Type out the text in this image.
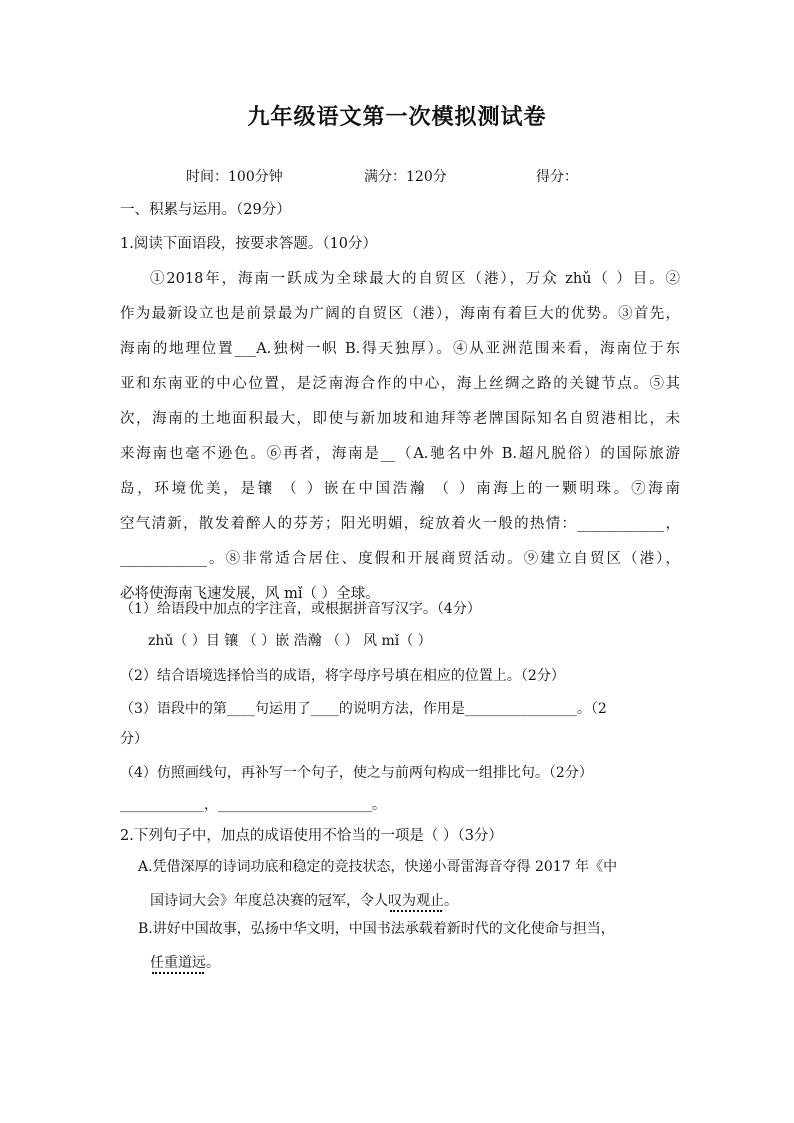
九年级语文第一次模拟测试卷
时间：100分钟	满分：120分	得分：
一、积累与运用。（29分）
1.阅读下面语段，按要求答题。（10分）

①2018年，海南一跃成为全球最大的自贸区（港），万众 zhǔ（ ）目。②

作为最新设立也是前景最为广阔的自贸区（港），海南有着巨大的优势。③首先，

海南的地理位置___A.独树一帜 B.得天独厚）。④从亚洲范围来看，海南位于东

亚和东南亚的中心位置，是泛南海合作的中心，海上丝绸之路的关键节点。⑤其

次，海南的土地面积最大，即使与新加坡和迪拜等老牌国际知名自贸港相比，未

来海南也毫不逊色。⑥再者，海南是__（A.驰名中外 B.超凡脱俗）的国际旅游

岛，环境优美，是镶 （ ）嵌在中国浩瀚 （ ）南海上的一颗明珠。⑦海南

空气清新，散发着醉人的芬芳；阳光明媚，绽放着火一般的热情：____________，

____________。⑧非常适合居住、度假和开展商贸活动。⑨建立自贸区（港），

必将使海南飞速发展，风 mǐ（ ）全球。

（1）给语段中加点的字注音，或根据拼音写汉字。（4分）
zhǔ（ ）目 镶 （ ）嵌 浩瀚 （ ） 风 mǐ（ ）
（2）结合语境选择恰当的成语，将字母序号填在相应的位置上。（2分）
（3）语段中的第____句运用了____的说明方法，作用是________________。（2
分）
（4）仿照画线句，再补写一个句子，使之与前两句构成一组排比句。（2分）
____________，______________________。
2.下列句子中，加点的成语使用不恰当的一项是（ ）（3分）

A.凭借深厚的诗词功底和稳定的竞技状态，快递小哥雷海音夺得 2017 年《中

国诗词大会》年度总决赛的冠军，令人叹为观止。

B.讲好中国故事，弘扬中华文明，中国书法承载着新时代的文化使命与担当，

任重道远。
